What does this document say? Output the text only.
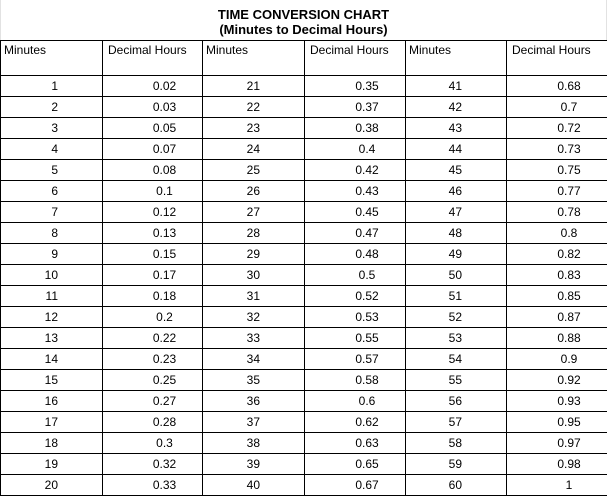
TIME CONVERSION CHART
(Minutes to Decimal Hours)
Minutes	Decimal Hours	Minutes	Decimal Hours	Minutes	Decimal Hours

1	0.02	21	0.35	41	0.68
2	0.03	22	0.37	42	0.7
3	0.05	23	0.38	43	0.72
4	0.07	24	0.4	44	0.73
5	0.08	25	0.42	45	0.75
6	0.1	26	0.43	46	0.77
7	0.12	27	0.45	47	0.78
8	0.13	28	0.47	48	0.8
9	0.15	29	0.48	49	0.82
10	0.17	30	0.5	50	0.83
11	0.18	31	0.52	51	0.85
12	0.2	32	0.53	52	0.87
13	0.22	33	0.55	53	0.88
14	0.23	34	0.57	54	0.9
15	0.25	35	0.58	55	0.92
16	0.27	36	0.6	56	0.93
17	0.28	37	0.62	57	0.95
18	0.3	38	0.63	58	0.97
19	0.32	39	0.65	59	0.98
20	0.33	40	0.67	60	1
